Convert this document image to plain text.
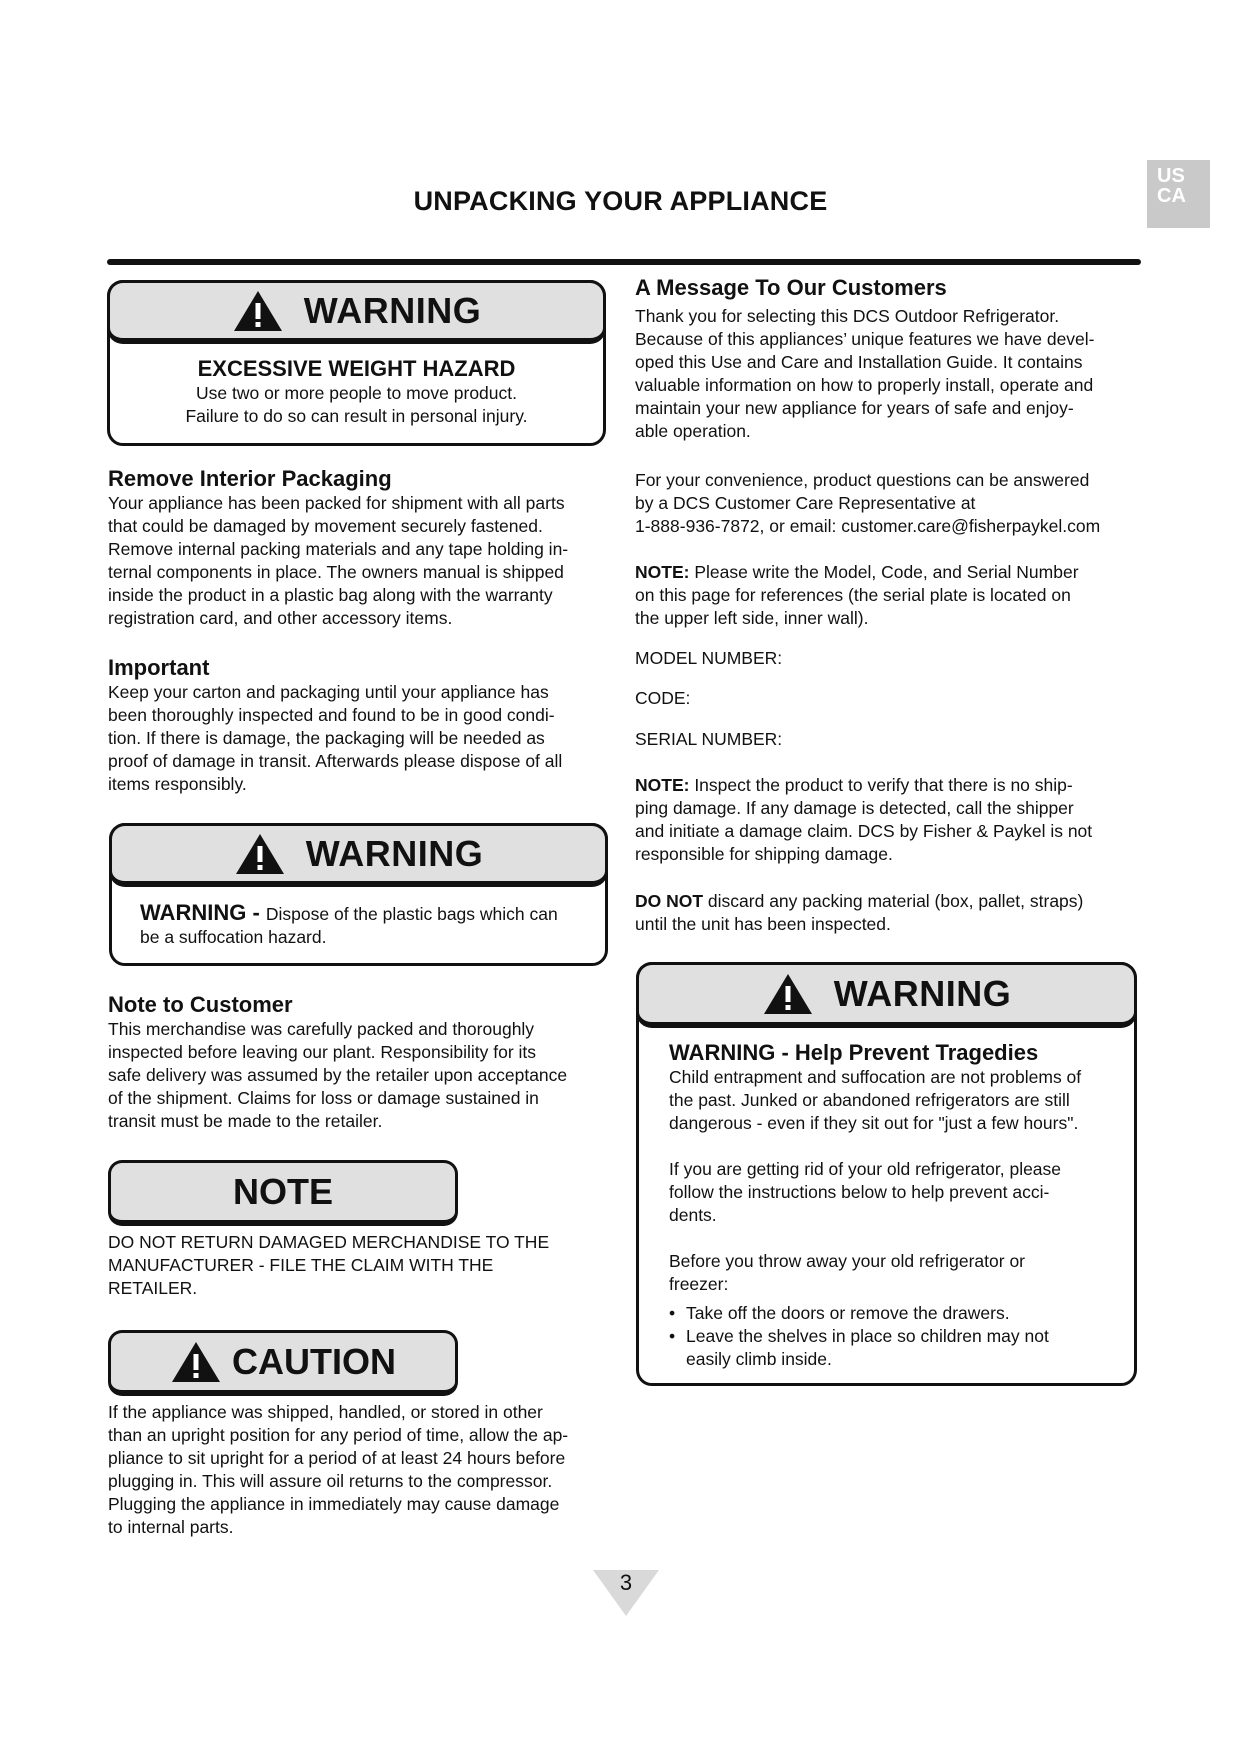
US
CA
UNPACKING YOUR APPLIANCE
WARNING
EXCESSIVE WEIGHT HAZARD
Use two or more people to move product.
Failure to do so can result in personal injury.
Remove Interior Packaging
Your appliance has been packed for shipment with all parts
that could be damaged by movement securely fastened.
Remove internal packing materials and any tape holding in-
ternal components in place. The owners manual is shipped
inside the product in a plastic bag along with the warranty
registration card, and other accessory items.
Important
Keep your carton and packaging until your appliance has
been thoroughly inspected and found to be in good condi-
tion. If there is damage, the packaging will be needed as
proof of damage in transit. Afterwards please dispose of all
items responsibly.
WARNING
WARNING - Dispose of the plastic bags which can
be a suffocation hazard.
Note to Customer
This merchandise was carefully packed and thoroughly
inspected before leaving our plant. Responsibility for its
safe delivery was assumed by the retailer upon acceptance
of the shipment. Claims for loss or damage sustained in
transit must be made to the retailer.
NOTE
DO NOT RETURN DAMAGED MERCHANDISE TO THE
MANUFACTURER - FILE THE CLAIM WITH THE
RETAILER.
CAUTION
If the appliance was shipped, handled, or stored in other
than an upright position for any period of time, allow the ap-
pliance to sit upright for a period of at least 24 hours before
plugging in. This will assure oil returns to the compressor.
Plugging the appliance in immediately may cause damage
to internal parts.
A Message To Our Customers
Thank you for selecting this DCS Outdoor Refrigerator.
Because of this appliances’ unique features we have devel-
oped this Use and Care and Installation Guide. It contains
valuable information on how to properly install, operate and
maintain your new appliance for years of safe and enjoy-
able operation.
For your convenience, product questions can be answered
by a DCS Customer Care Representative at
1-888-936-7872, or email: customer.care@fisherpaykel.com
NOTE: Please write the Model, Code, and Serial Number
on this page for references (the serial plate is located on
the upper left side, inner wall).
MODEL NUMBER:
CODE:
SERIAL NUMBER:
NOTE: Inspect the product to verify that there is no ship-
ping damage. If any damage is detected, call the shipper
and initiate a damage claim. DCS by Fisher & Paykel is not
responsible for shipping damage.
DO NOT discard any packing material (box, pallet, straps)
until the unit has been inspected.
WARNING
WARNING - Help Prevent Tragedies
Child entrapment and suffocation are not problems of
the past. Junked or abandoned refrigerators are still
dangerous - even if they sit out for "just a few hours".
If you are getting rid of your old refrigerator, please
follow the instructions below to help prevent acci-
dents.
Before you throw away your old refrigerator or
freezer:
• Take off the doors or remove the drawers.
• Leave the shelves in place so children may not
easily climb inside.
3
